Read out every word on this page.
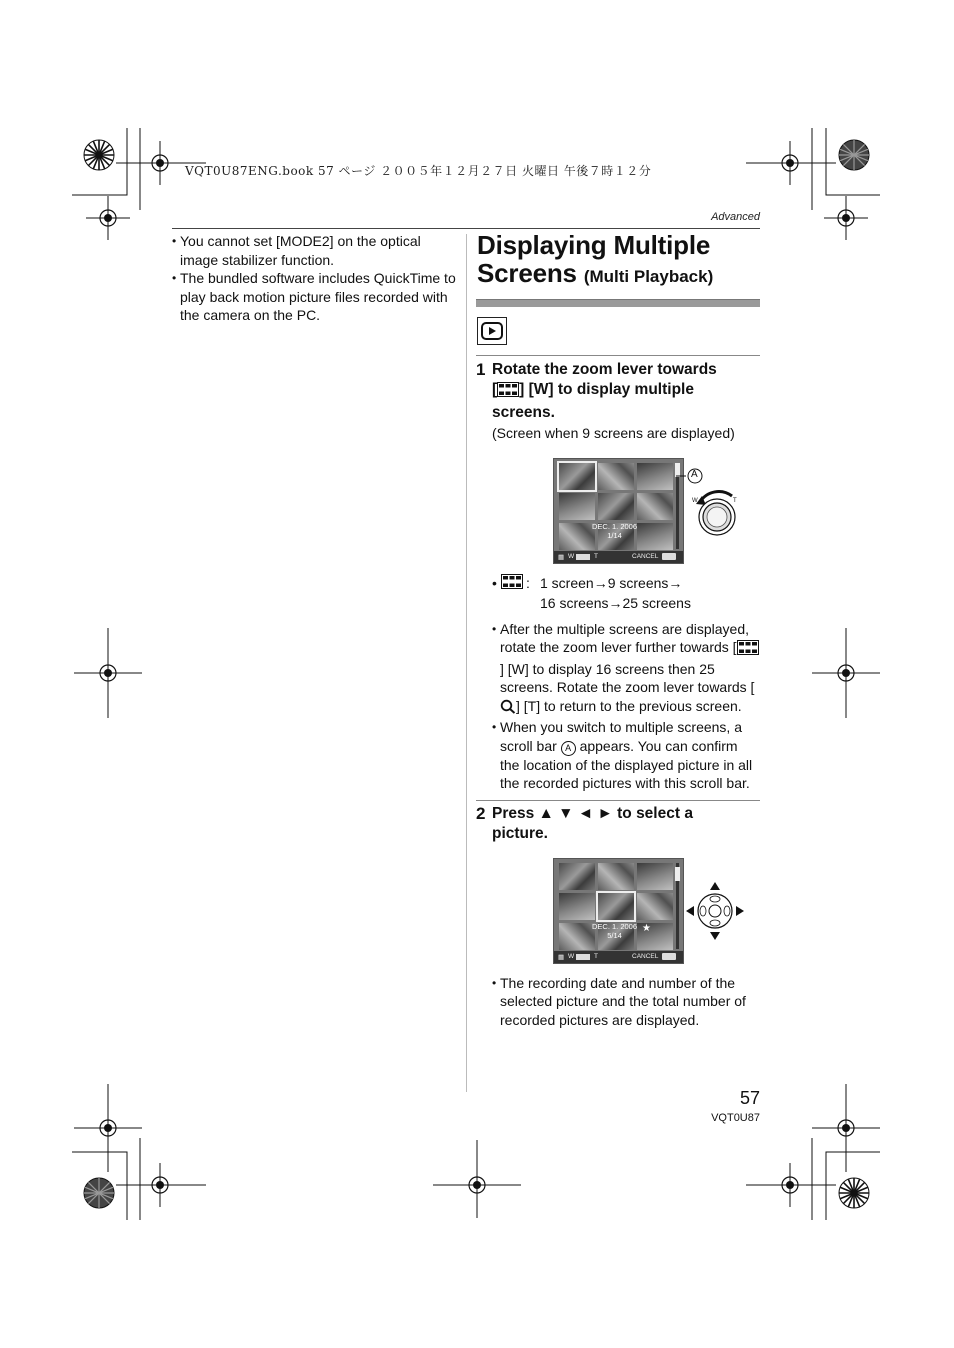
VQT0U87ENG.book 57 ページ ２００５年１２月２７日 火曜日 午後７時１２分
Advanced
• You cannot set [MODE2] on the optical image stabilizer function.
• The bundled software includes QuickTime to play back motion picture files recorded with the camera on the PC.
Displaying Multiple
Screens (Multi Playback)
1 Rotate the zoom lever towards
[ ] [W] to display multiple
screens.
(Screen when 9 screens are displayed)
DEC. 1. 2006
1/14
▦ W	T	CANCEL
A
W	T
• : 1 screen→9 screens→
16 screens→25 screens
• After the multiple screens are displayed, rotate the zoom lever further towards [] [W] to display 16 screens then 25 screens. Rotate the zoom lever towards [] [T] to return to the previous screen.
• When you switch to multiple screens, a scroll bar A appears. You can confirm the location of the displayed picture in all the recorded pictures with this scroll bar.
2 Press ▲ ▼ ◄ ► to select a
picture.
DEC. 1. 2006
5/14
★
▦ W	T	CANCEL
• The recording date and number of the selected picture and the total number of recorded pictures are displayed.
57
VQT0U87
